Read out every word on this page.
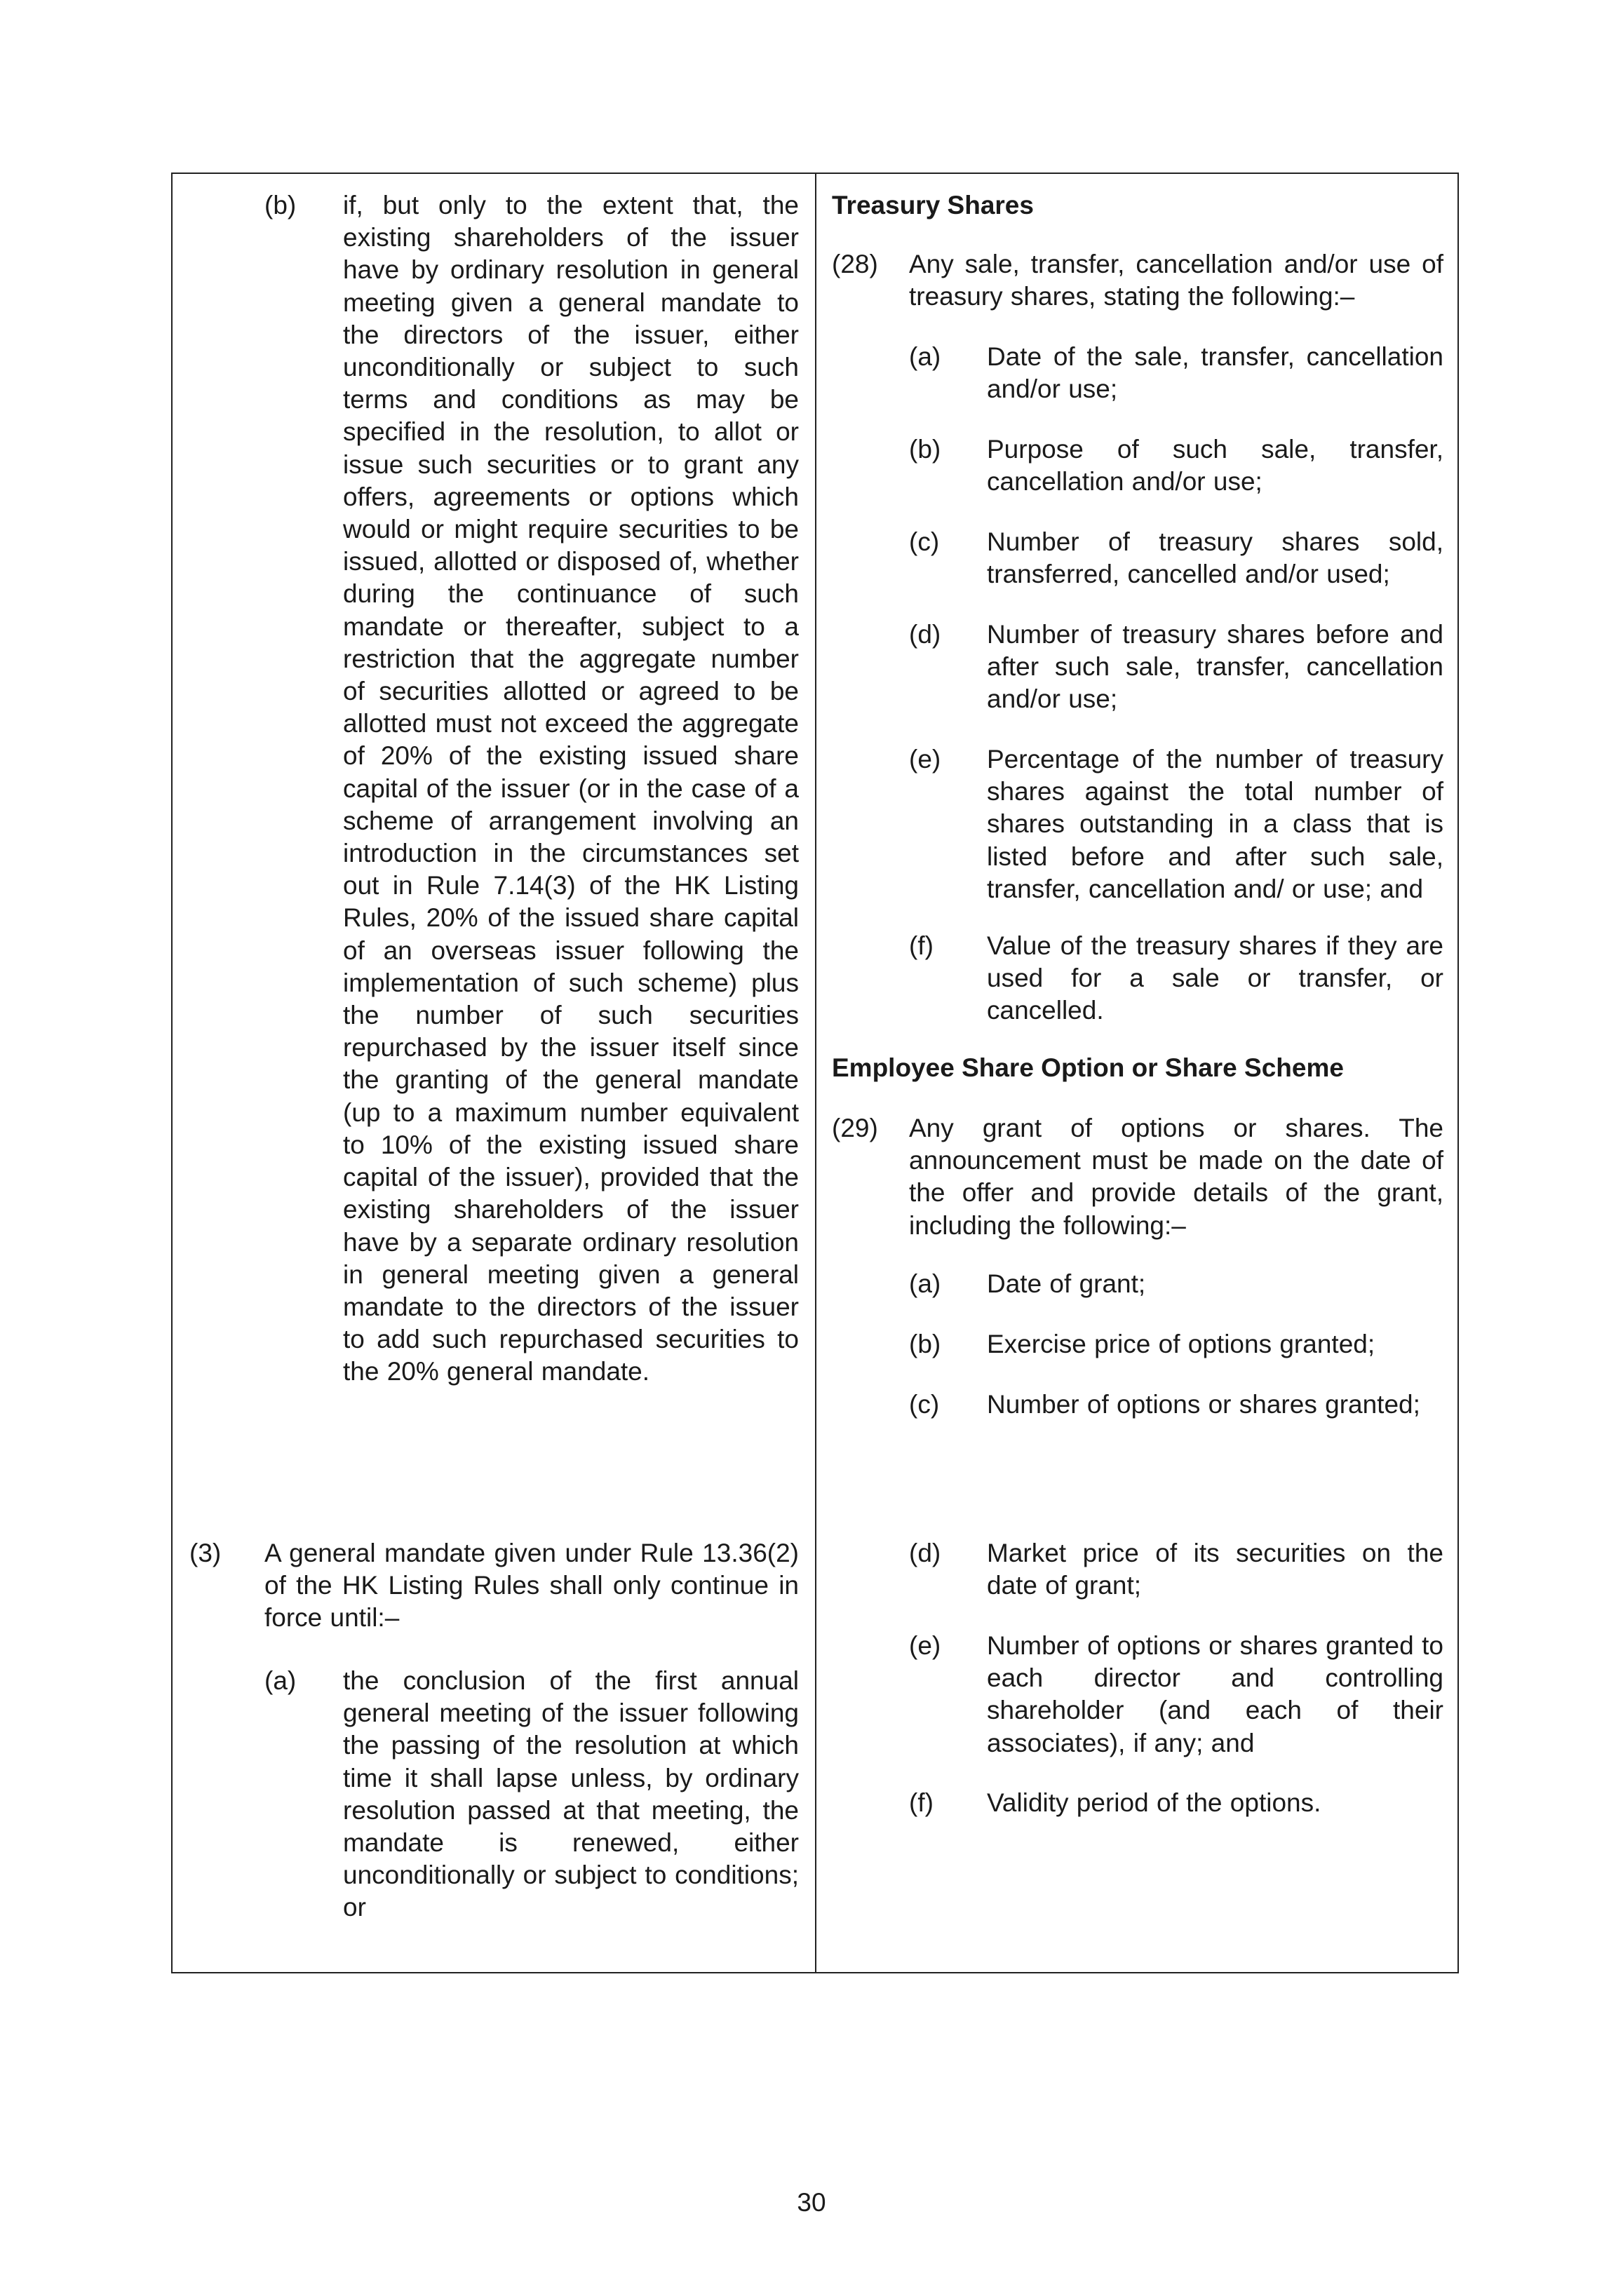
(b) if, but only to the extent that, the existing shareholders of the issuer have by ordinary resolution in general meeting given a general mandate to the directors of the issuer, either unconditionally or subject to such terms and conditions as may be specified in the resolution, to allot or issue such securities or to grant any offers, agreements or options which would or might require securities to be issued, allotted or disposed of, whether during the continuance of such mandate or thereafter, subject to a restriction that the aggregate number of securities allotted or agreed to be allotted must not exceed the aggregate of 20% of the existing issued share capital of the issuer (or in the case of a scheme of arrangement involving an introduction in the circumstances set out in Rule 7.14(3) of the HK Listing Rules, 20% of the issued share capital of an overseas issuer following the implementation of such scheme) plus the number of such securities repurchased by the issuer itself since the granting of the general mandate (up to a maximum number equivalent to 10% of the existing issued share capital of the issuer), provided that the existing shareholders of the issuer have by a separate ordinary resolution in general meeting given a general mandate to the directors of the issuer to add such repurchased securities to the 20% general mandate.
(3) A general mandate given under Rule 13.36(2) of the HK Listing Rules shall only continue in force until:–
(a) the conclusion of the first annual general meeting of the issuer following the passing of the resolution at which time it shall lapse unless, by ordinary resolution passed at that meeting, the mandate is renewed, either unconditionally or subject to conditions; or
Treasury Shares
(28) Any sale, transfer, cancellation and/or use of treasury shares, stating the following:–
(a) Date of the sale, transfer, cancellation and/or use;
(b) Purpose of such sale, transfer, cancellation and/or use;
(c) Number of treasury shares sold, transferred, cancelled and/or used;
(d) Number of treasury shares before and after such sale, transfer, cancellation and/or use;
(e) Percentage of the number of treasury shares against the total number of shares outstanding in a class that is listed before and after such sale, transfer, cancellation and/ or use; and
(f) Value of the treasury shares if they are used for a sale or transfer, or cancelled.
Employee Share Option or Share Scheme
(29) Any grant of options or shares. The announcement must be made on the date of the offer and provide details of the grant, including the following:–
(a) Date of grant;
(b) Exercise price of options granted;
(c) Number of options or shares granted;
(d) Market price of its securities on the date of grant;
(e) Number of options or shares granted to each director and controlling shareholder (and each of their associates), if any; and
(f) Validity period of the options.
30
